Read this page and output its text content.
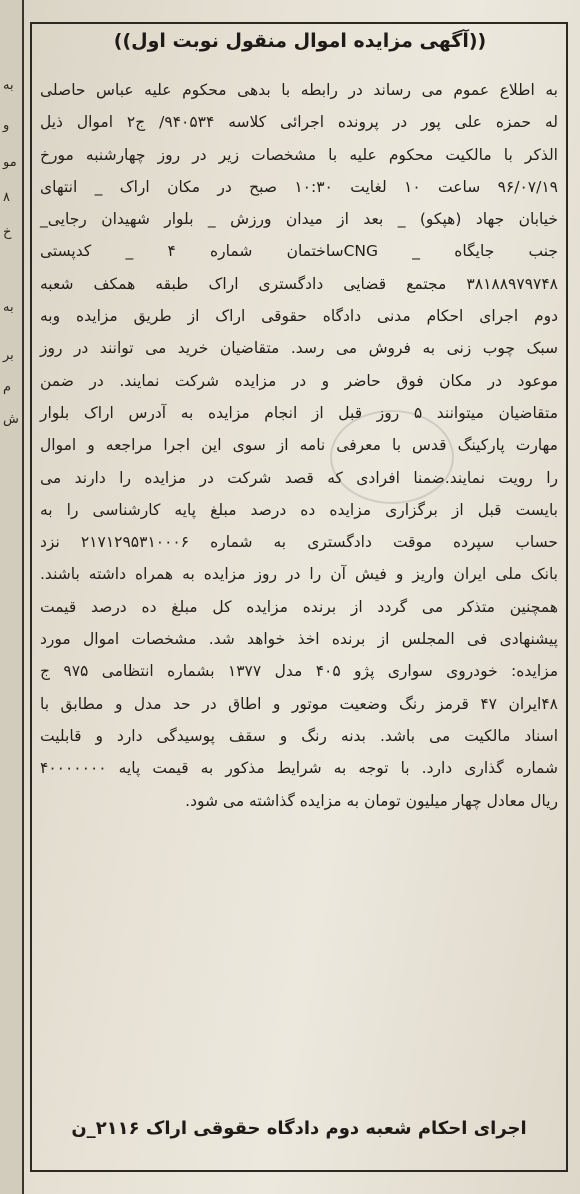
به
و
مو
۸
خ
به
بر
م
ش
((آگهی مزایده اموال منقول نوبت اول))
به اطلاع عموم می رساند در رابطه با بدهی محکوم علیه عباس حاصلی
له حمزه علی پور در پرونده اجرائی کلاسه ۹۴۰۵۳۴/ ج۲ اموال ذیل
الذکر با مالکیت محکوم علیه با مشخصات زیر در روز چهارشنبه مورخ
۹۶/۰۷/۱۹ ساعت ۱۰ لغایت ۱۰:۳۰ صبح در مکان اراک _ انتهای
خیابان جهاد (هپکو) _ بعد از میدان ورزش _ بلوار شهیدان رجایی_
جنب جایگاه _ CNGساختمان شماره ۴ _ کدپستی
۳۸۱۸۸۹۷۹۷۴۸ مجتمع قضایی دادگستری اراک طبقه همکف شعبه
دوم اجرای احکام مدنی دادگاه حقوقی اراک از طریق مزایده وبه
سبک چوب زنی به فروش می رسد. متقاضیان خرید می توانند در روز
موعود در مکان فوق حاضر و در مزایده شرکت نمایند. در ضمن
متقاضیان میتوانند ۵ روز قبل از انجام مزایده به آدرس اراک بلوار
مهارت پارکینگ قدس با معرفی نامه از سوی این اجرا مراجعه و اموال
را رویت نمایند.ضمنا افرادی که قصد شرکت در مزایده را دارند می
بایست قبل از برگزاری مزایده ده درصد مبلغ پایه کارشناسی را به
حساب سپرده موقت دادگستری به شماره ۲۱۷۱۲۹۵۳۱۰۰۰۶ نزد
بانک ملی ایران واریز و فیش آن را در روز مزایده به همراه داشته باشند.
همچنین متذکر می گردد از برنده مزایده کل مبلغ ده درصد قیمت
پیشنهادی فی المجلس از برنده اخذ خواهد شد. مشخصات اموال مورد
مزایده: خودروی سواری پژو ۴۰۵ مدل ۱۳۷۷ بشماره انتظامی ۹۷۵ ج
۴۸ایران ۴۷ قرمز رنگ وضعیت موتور و اطاق در حد مدل و مطابق با
اسناد مالکیت می باشد. بدنه رنگ و سقف پوسیدگی دارد و قابلیت
شماره گذاری دارد. با توجه به شرایط مذکور به قیمت پایه ۴۰۰۰۰۰۰۰
ریال معادل چهار میلیون تومان به مزایده گذاشته می شود.
اجرای احکام شعبه دوم دادگاه حقوقی اراک ۲۱۱۶_ن
